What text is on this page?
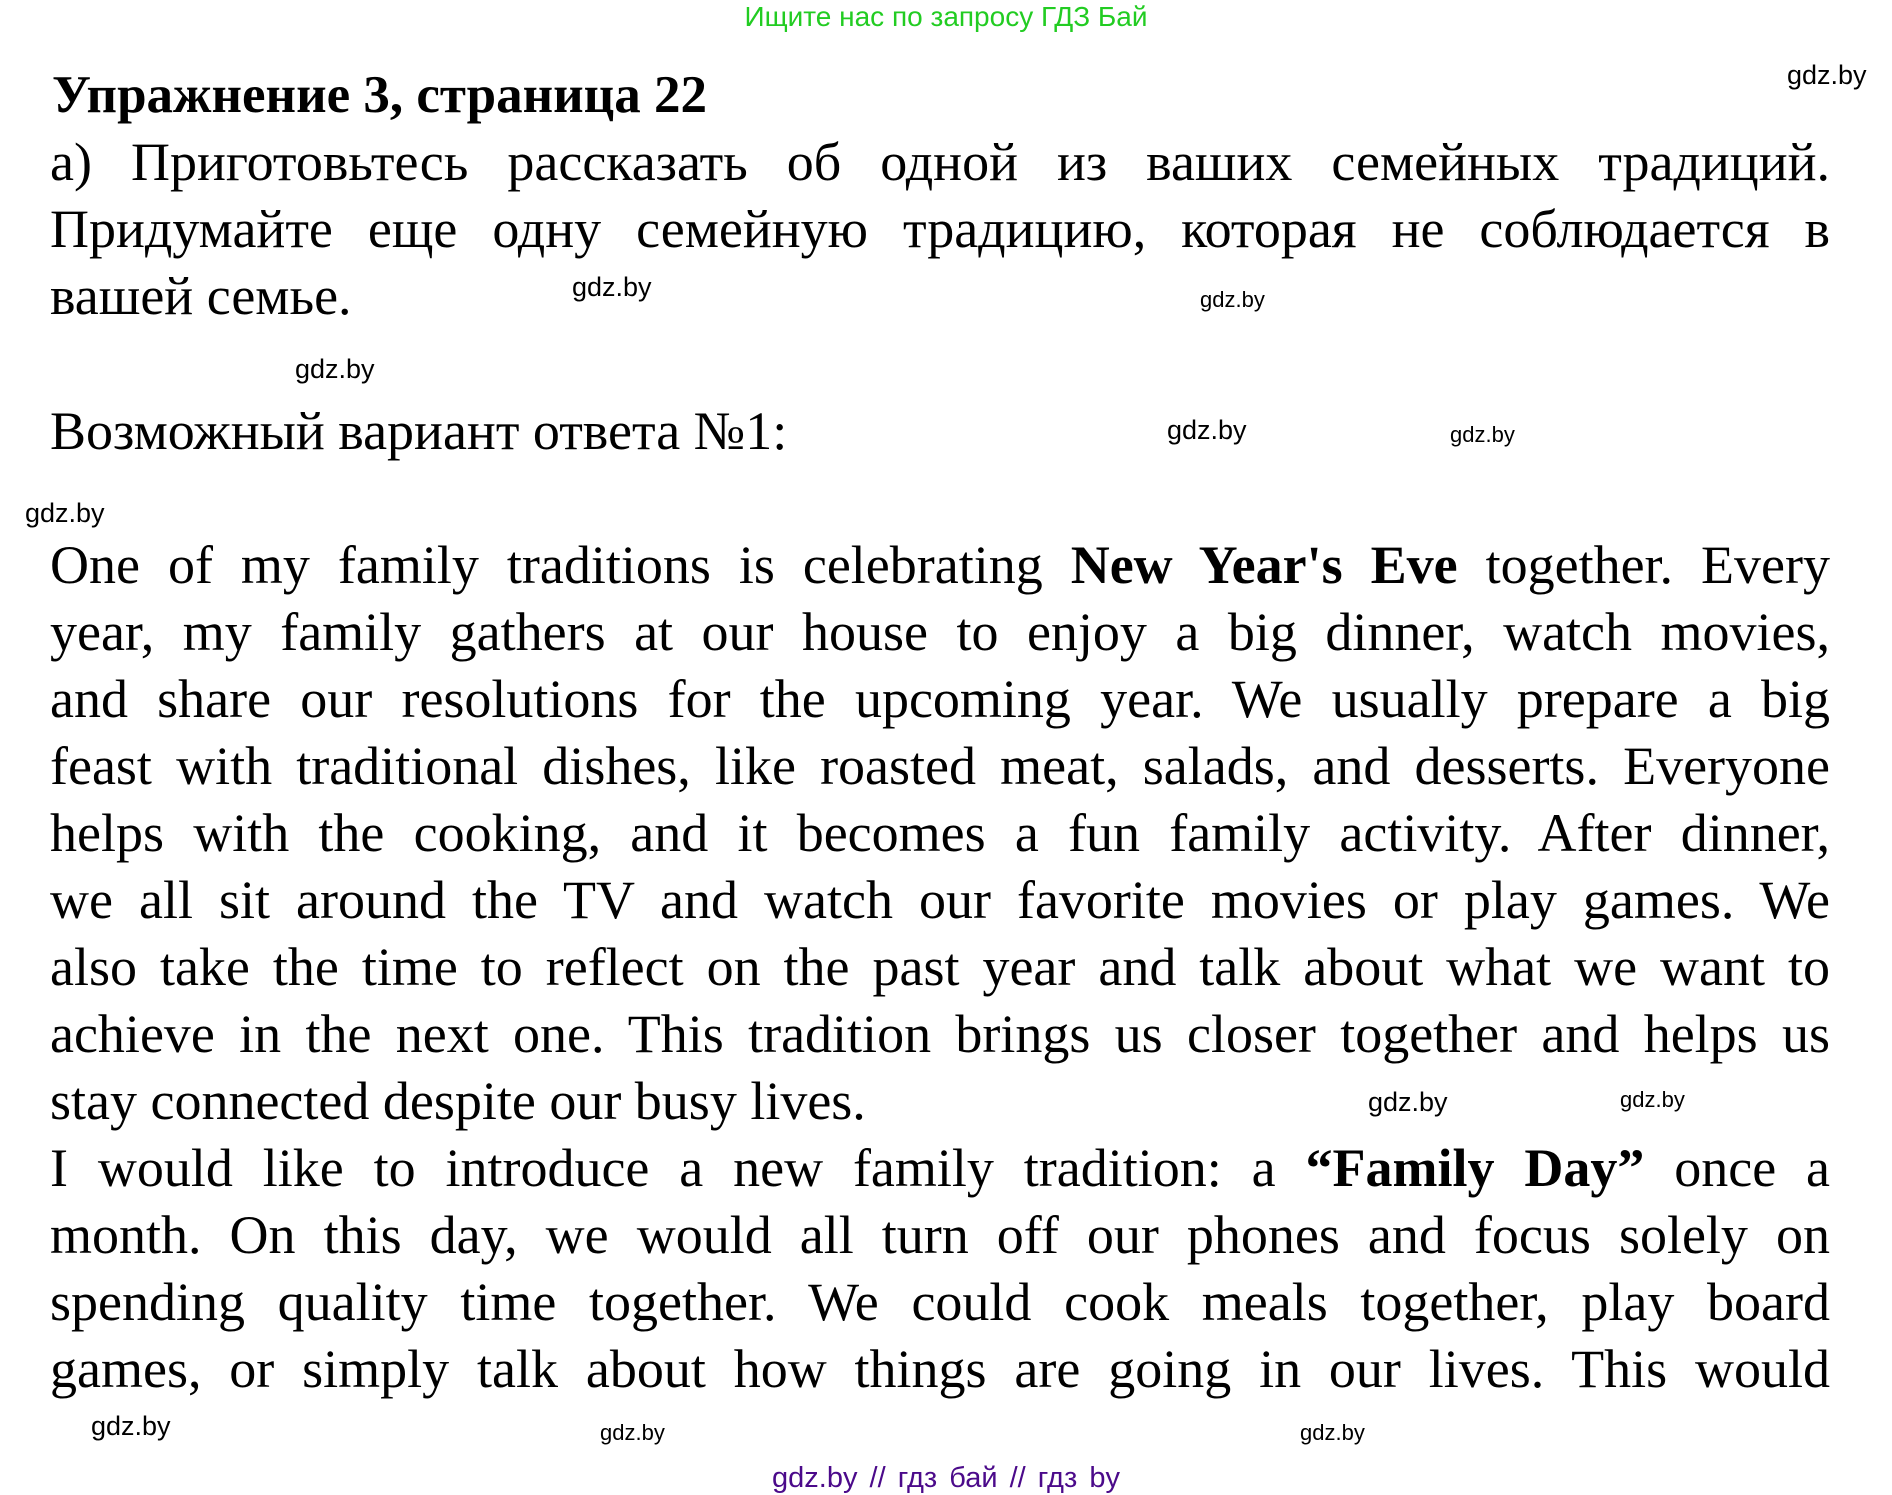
Ищите нас по запросу ГДЗ Бай
Упражнение 3, страница 22
а) Приготовьтесь рассказать об одной из ваших семейных традиций.
Придумайте еще одну семейную традицию, которая не соблюдается в
вашей семье.
Возможный вариант ответа №1:
One of my family traditions is celebrating New Year's Eve together. Every
year, my family gathers at our house to enjoy a big dinner, watch movies,
and share our resolutions for the upcoming year. We usually prepare a big
feast with traditional dishes, like roasted meat, salads, and desserts. Everyone
helps with the cooking, and it becomes a fun family activity. After dinner,
we all sit around the TV and watch our favorite movies or play games. We
also take the time to reflect on the past year and talk about what we want to
achieve in the next one. This tradition brings us closer together and helps us
stay connected despite our busy lives.
I would like to introduce a new family tradition: a “Family Day” once a
month. On this day, we would all turn off our phones and focus solely on
spending quality time together. We could cook meals together, play board
games, or simply talk about how things are going in our lives. This would
gdz.by
gdz.by
gdz.by
gdz.by
gdz.by
gdz.by
gdz.by
gdz.by
gdz.by
gdz.by
gdz.by
gdz.by
gdz.by // гдз бай // гдз by
